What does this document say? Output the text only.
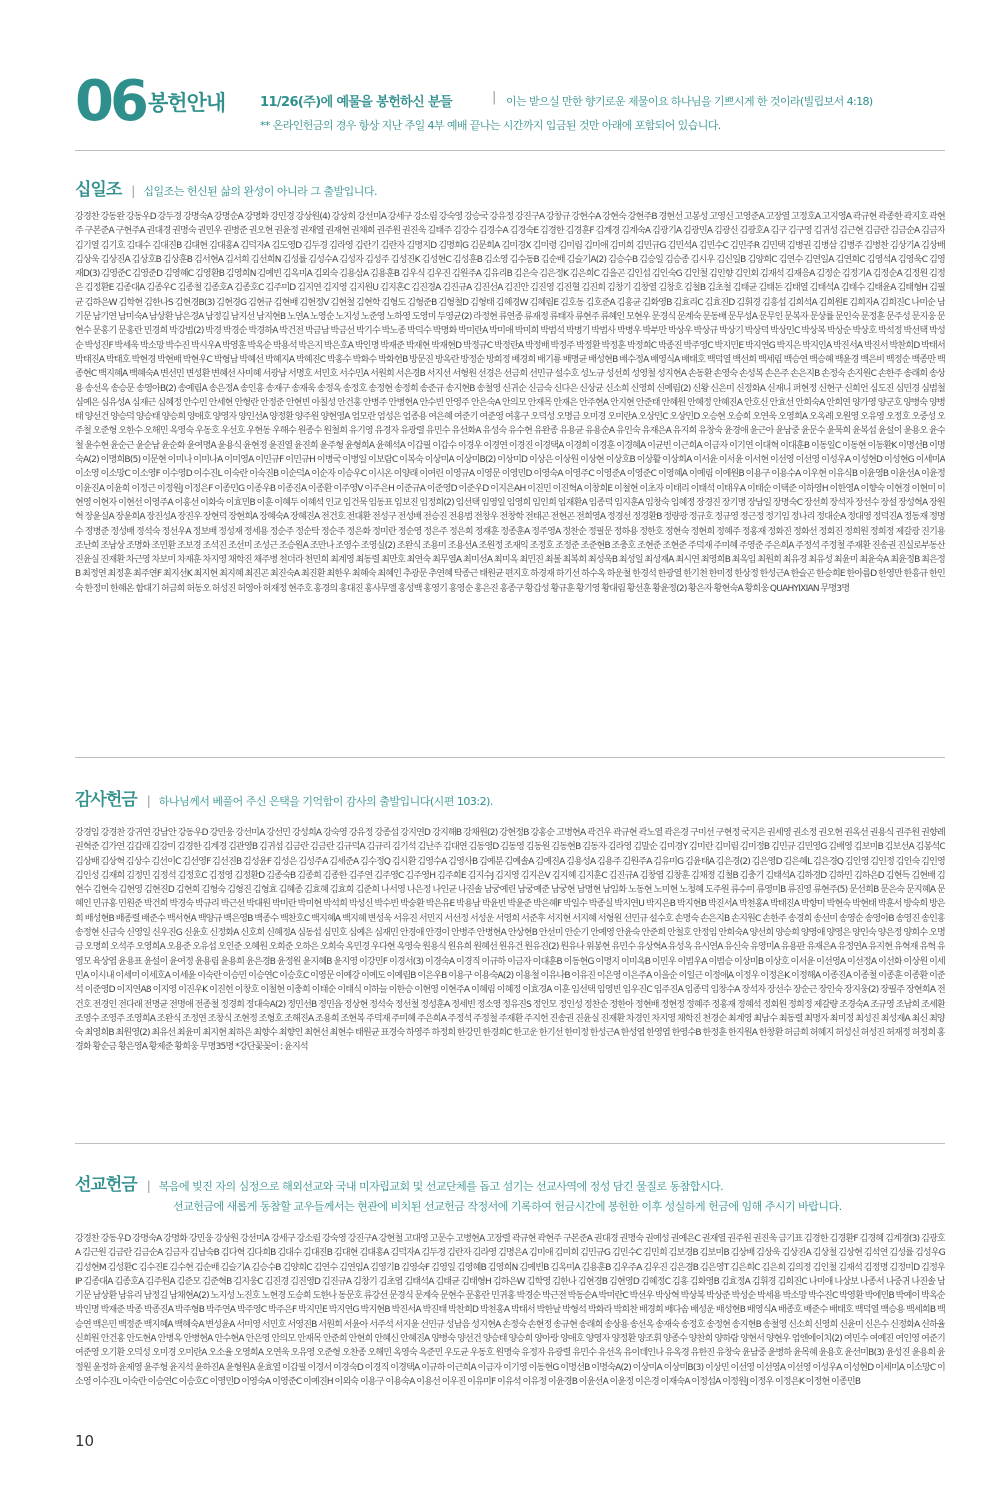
06 봉헌안내	11/26(주)에 예물을 봉헌하신 분들	| 이는 받으실 만한 향기로운 제물이요 하나님을 기쁘시게 한 것이라(빌립보서 4:18)
** 온라인헌금의 경우 항상 지난 주일 4부 예배 끝나는 시간까지 입금된 것만 아래에 포함되어 있습니다.
십일조 | 십일조는 헌신된 삶의 완성이 아니라 그 출발입니다.
강경찬 강동완 강동우D 강두경 강명숙A 강명순A 강명화 강민경 강상원(4) 강상희 강선미A 강세구 강소림 강숙영 강승국 강유정 강진구A 강창규 강현수A 강현숙 강현주B 경현선 고봉성 고영신 고영준A 고장열 고정호A 고지영A 곽규현 곽종한 곽지호 곽현주 구본준A 구현주A 권대경 권명숙 권민우 권병준 권오현 권윤정 권재열 권재현 권채희 권주원 권진욱 길태주 김강수 김경수A 김경숙E 김경한 김경훈F 김계경 김계숙A 김광기A 김광민A 김광신 김광호A 김구 김구영 김귀성 김근현 김금란 김금순A 김금자 김기열 김기호 김대수 김대진B 김대현 김대홍A 김덕자A 김도영D 김두경 김라영 김란기 김란자 김명지D 김명희G 김문희A 김미경X 김미령 김미림 김미애 김미희 김민규G 김민석A 김민수C 김민주R 김민택 김병권 김병삼 김병주 김병찬 김상기A 김상배 김상욱 김상진A 김상호B 김상훈B 김서현A 김서희 김선희N 김성률 김성수A 김성자 김성주 김성진K 김성현C 김성훈B 김소영 김수동B 김순배 김슬기A(2) 김승수B 김승일 김승종 김시우 김신일B 김양희C 김연수 김연일A 김연희C 김영석A 김영욱C 김영재D(3) 김영준C 김영준D 김영혜C 김영환B 김영희N 김예빈 김옥미A 김외숙 김용삼A 김용훈B 김우식 김우진 김원주A 김유리B 김은숙 김은정K 김은희C 김을곤 김인섭 김인숙G 김인철 김인향 김인회 김재석 김재응A 김정순 김정기A 김정순A 김정원 김정은 김정환E 김종대A 김종우C 김종철 김종호A 김종호C 김주미D 김지연 김지영 김지원U 김지혼C 김진경A 김진규A 김진선A 김진안 김진영 김진혈 김진희 김창기 김창열 김창호 김철B 김초철 김태균 김태돈 김태열 김태석A 김태수 김태윤A 김태형H 김필균 김하은W 김학현 김한나S 김현경B(3) 김현경G 김현규 김현배 김현정V 김현철 김현학 김형도 김형준B 김형철D 김형태 김혜경W 김혜림E 김호동 김호준A 김홍균 김화영B 김효리C 김효진D 김휘경 김흥섭 김희석A 김희원E 김희자A 김희진C 나미순 남기문 남기연 남미숙A 남상환 남은경A 남정길 남지선 남지현B 노연A 노영순 노지성 노준영 노하영 도영미 두영균(2) 라정현 류연종 류재정 류태자 류현주 류혜인 모현우 문경식 문계숙 문동배 문무성A 문무인 문복자 문상률 문인숙 문정훈 문주성 문지웅 문현수 문홍기 문홍란 민경희 박강범(2) 박경 박경순 박경하A 박건전 박금남 박금선 박기수 박노종 박덕수 박명화 박미란A 박미애 박미희 박범석 박병기 박범사 박병우 박부만 박상우 박상규 박상기 박상덕 박상민C 박상복 박상순 박상호 박석정 박선택 박성순 박성진F 박세욱 박소망 박수진 박시우A 박영훈 박옥순 박용석 박은지 박은호A 박인명 박재준 박재현 박재현D 박정규C 박정란A 박정배 박정주 박정환 박정훈 박정희C 박종진 박주영C 박지민E 박지연G 박지은 박지인A 박진서A 박진서 박찬희D 박태서 박태진A 박태호 박현경 박현배 박현우C 박형남 박혜선 박혜지A 박혜진C 박홍수 박화수 박화헌B 방문진 방옥란 방정순 방희정 배경희 배기룡 배명균 배성현B 배수정A 배영식A 배태호 백덕열 백선희 백세림 백승연 백승혜 백윤경 백은비 백정순 백종만 백종현C 백지혜A 백혜숙A 변선민 변성환 변혜선 사미혜 서광남 서명호 서민호 서수민A 서원희 서은경B 서지선 서형원 선경은 선금희 선민규 설수호 성노규 성선희 성영철 성지현A 손동환 손영숙 손성복 손은주 손은지B 손정숙 손지원C 손한주 송래희 송상용 송선옥 송승문 송영아B(2) 송예림A 송은정A 송인홍 송재구 송재욱 송정옥 송정호 송정현 송정희 송준규 송지현B 송철영 신귀순 신금숙 신다은 신상균 신소희 신영희 신예림(2) 신왕 신은미 신정화A 신재니 퍼현정 신현구 신희언 심도진 심민경 심범철 심예은 심유성A 심재근 심혜정 안수민 안세현 안형란 안정준 안현빈 아칠성 안건홍 안병주 안병현A 안수빈 안영주 안은숙A 안의모 안재목 안재은 안주현A 안지현 안준태 안혜원 안혜정 안혜진A 안호신 안효선 안희숙A 안희연 양가영 양군호 양병숙 양병태 양선건 양승덕 양승태 양승희 양애호 양영자 양인선A 양정환 양주원 양현영A 엄모란 엄성은 엄종용 여은혜 여준기 여준영 여홍구 오덕성 오명금 오미경 오미란A 오상민C 오상민D 오승현 오승희 오연욱 오영희A 오옥례 오원영 오유영 오정호 오중성 오주철 오준형 오한수 오해민 옥영숙 우동호 우선호 우현동 우해수 원종수 원철희 유기영 유경자 유광렬 유민수 유선화A 유성숙 유수현 유완종 유용균 유용순A 유인숙 유재은A 유지희 유창숙 윤경애 윤근아 윤남중 윤문수 윤묵희 윤복섭 윤설이 윤용오 윤수철 윤수현 윤순근 윤순남 윤순화 윤여명A 윤용식 윤현정 윤진열 윤진희 윤주형 윤형희A 윤혜석A 이갑필 이갑수 이경우 이경연 이경진 이경택A 이경희 이경훈 이경혜A 이균빈 이근희A 이금자 이기연 이대혁 이대훈B 이동일C 이동현 이동환K 이명선B 이명숙A(2) 이명희B(5) 이문현 이미나 이미나A 이미영A 이민규F 이민규H 이병국 이병일 이보람C 이복숙 이상미A 이상미B(2) 이상미D 이상은 이상원 이상현 이상호B 이상활 이상희A 이서윤 이서윤 이서현 이선영 이선영 이성우A 이성현D 이성현G 이세미A 이소영 이소망C 이소영F 이수영D 이수진L 이숙란 이숙진B 이순덕A 이순자 이승우C 이시온 이양래 이여린 이영규A 이영문 이영민D 이영숙A 이영주C 이영준A 이영준C 이영혜A 이예림 이예원B 이용구 이용수A 이우현 이유식B 이윤영B 이윤선A 이윤정 이윤진A 이윤희 이정근 이정원J 이정은F 이종민G 이종우B 이종진A 이종환 이주영V 이주은H 이준규A 이준영D 이준우D 이지은AH 이진민 이진혁A 이창희E 이철현 이초자 이태리 이태석 이태우A 이태순 이택준 이하영H 이한영A 이향숙 이현경 이현미 이현영 이현자 이현선 이영주A 이홍선 이화숙 이효민B 이훈 이혜두 이혜석 인교 임건묵 임동표 임보진 임정희(2) 임선택 임영일 임영희 임인희 임재환A 임종덕 임지훈A 임창숙 임혜정 장경진 장기명 장남일 장명숙C 장선희 장석자 장선수 장설 장성혁A 장원혁 장윤실A 장윤희A 장진성A 장진우 장현덕 장현희A 장혜숙A 장혜진A 전건호 전대환 전성구 전성배 전승진 전용범 전창우 전창학 전태곤 전현곤 전희영A 정경선 정경환B 정량광 정규호 정규영 정근정 정기임 정나리 정대순A 정대영 정덕진A 정동재 정명수 정병준 정성배 정석숙 정선우A 정보배 정성재 정세용 정순주 정순탁 정순주 정은화 정미란 정순영 정은주 정은희 정재훈 정종훈A 정주영A 정찬순 정필문 정하용 정한호 정현숙 정현희 정혜주 정홍재 정화진 정화선 정회진 정희원 정희정 제갈광 진기용 조난희 조남상 조명화 조민환 조보경 조석진 조선미 조성근 조승원A 조만나 조영수 조영실(2) 조완식 조용미 조용선A 조원정 조재익 조정호 조정준 조준현B 조충호 조현준 조현준 주덕재 주미혜 주영준 주은희A 주정석 주정철 주재환 진송권 진실로부동산 진윤실 진재환 차근영 차보미 차재훈 차지영 채학진 채주병 천더라 천민희 최계영 최동렬 최만호 최연숙 최무열A 최미선A 최미옥 최민진 최볼 최복희 최성욱B 최성일 최성재A 최시연 최영희B 최옥임 최원희 최유경 최유성 최윤미 최윤숙A 최윤정B 최은정B 최정연 최정훈 최주연F 최지선K 최지현 최지혜 최진곤 최진숙A 최진환 최한우 최혜숙 최혜인 추광문 추연혜 탁종근 태원균 편지호 하경재 하기선 하수옥 하운철 한경석 한광열 한기천 한미정 한상정 한성근A 한슬곤 한승희E 한아름D 한영만 한흥규 한인숙 한정미 한혜온 함대기 허금희 허동오 허성진 허영아 허재정 현주호 홍경의 홍대진 홍사무엘 홍성백 홍영기 홍영순 홍은진 홍종구 황갑성 황규훈 황기영 황대림 황선훈 황윤정(2) 황은자 황현숙A 황희웅 QUAHYIXIAN 무명3명
감사헌금 | 하나님께서 베풀어 주신 은택을 기억함이 감사의 출발입니다(시편 103:2).
강경임 강경찬 강귀연 강남안 강동우D 강민웅 강선미A 강선민 강성희A 강숙영 강유정 강종섭 강지연D 강지해B 강채원(2) 강현정B 강홍순 고병현A 곽건우 곽규현 곽노열 곽은경 구미선 구현정 국지은 권세영 권소정 권오현 권옥선 권용식 권주원 권향례 권혁준 김가연 김갑래 김강미 김경한 김계경 김관영B 김귀섬 김금란 김금란 김규덕A 김규리 김기석 김난주 김대연 김동영D 김동영 김동원 김동현B 김동자 김라영 김말순 김미경Y 김미란 김미림 김미정B 김민규 김민영G 김배영 김보미B 김보선A 김봉석C 김상배 김상혁 김상수 김선이C 김선영F 김선진B 김성윤F 김성은 김성주A 김세준A 김수정Q 김시환 김영수A 김영사B 김예분 김예솔A 김예진A 김용성A 김용주 김원주A 김유미G 김윤태A 김은경(2) 김은영D 김은혜L 김은경Q 김인영 김인정 김인숙 김인영 김인성 김재희 김정민 김정석 김정호C 김정영 김정환D 김종숙B 김종희 김종한 김주연 김주영C 김주영H 김주희E 김지수J 김지영 김지은V 김지혜 김지훈C 김진규A 김창엽 김창훈 김채정 김철B 김충기 김태석A 김하경D 김하민 김하은D 김현득 김현배 김현수 김현숙 김현영 김현진D 김현희 김형숙 김형진 김형효 김혜종 김효혜 김효희 김준희 나서영 나은정 나인균 나진솔 남궁예린 남궁예준 남궁현 남명현 남임화 노동현 노미현 노청혜 도주원 류수미 류영미B 류진영 류현주(5) 문선희B 문은숙 문지혜A 문혜인 민규홍 민원준 박건희 박경숙 박규리 박근선 박대원 박미란 박미현 박석희 박성신 박수빈 박숭환 박은유E 박용남 박윤빈 박윤준 박은혜F 박일수 박종실 박지연U 박지은B 박지현B 박진서A 박천홍A 박태진A 박향미 박현숙 박현태 박훈서 방숙희 방은희 배성현B 배종렬 배준수 백서현A 백양규 백은영B 백종수 백찬호C 백지혜A 백지혜 변성욱 서유진 서민지 서선정 서성운 서영희 서준후 서지현 서지혜 서형원 선민규 설수호 손명숙 손은지B 손지원C 손한주 송경희 송선미 송영순 송영아B 송영진 송인홍 송정현 신금숙 신영일 신우진G 신윤호 신정화A 신호희 신혜정A 심동섭 심민호 심예은 심재민 안경애 안경이 안병주 안병현A 안상현B 안선미 안순기 안예영 안윤숙 안준희 안철호 안정임 안희숙A 양선희 양승희 양영애 양영은 양인숙 양은정 양희수 오명금 오명희 오석주 오영희A 오용준 오유섭 오인준 오혜원 오희준 오하은 오희숙 옥민경 우다현 옥영숙 원용식 원유희 원혜선 원유건 원유진(2) 원유나 위봉현 유민수 유상혁A 유성옥 유시연A 유신숙 유영미A 유용판 유재은A 유정연A 유지현 유혁재 유혁 유영모 육상엽 윤용표 윤설이 윤여정 윤용림 윤용희 윤은경B 윤정원 윤지혜B 윤지영 이강민F 이경서(3) 이경숙A 이경직 이규하 이금자 이대훈B 이동현G 이명지 이미옥B 이민우 이범우A 이범승 이상미B 이상호 이서윤 이선영A 이선정A 이선화 이상원 이세민A 이시내 이세미 이세호A 이세윤 이숙란 이승민 이승연C 이승호C 이영문 이예강 이예도 이예림B 이은우B 이용구 이용숙A(2) 이용철 이유나B 이유진 이은영 이은주A 이을순 이일근 이정애A 이정우 이정은K 이정해A 이종진A 이종철 이종훈 이종환 이준석 이준영D 이지연A8 이지영 이진우K 이진헌 이창호 이철현 이충희 이태순 이태식 이하늘 이한승 이현영 이현주A 이혜림 이혜정 이효경A 이훈 임선택 임영빈 임우진C 임주진A 임종덕 임창수A 장석자 장선수 장순근 장인숙 장지웅(2) 장필주 장현희A 전건호 전경인 전다래 전명균 전명애 전종철 정경희 정대숙A(2) 정민선B 정민읍 정상현 정석숙 정선철 정성훈A 정세빈 정소영 정유진S 정인모 정인성 정찬순 정한아 정현배 정현정 정혜주 정홍재 정혜석 정회원 정희정 제갈량 조경숙A 조규영 조남희 조세환 조영수 조영주 조영희A 조완식 조정연 조창식 조현정 조형호 조해진A 조용희 조현복 주덕재 주미혜 주은희A 주정석 주정철 주재환 주지헌 진송권 진윤실 진재환 차경인 차지영 채학진 천경순 최계영 최남수 최동렬 최명자 최미정 최성진 최성재A 최신 최양숙 최영희B 최원영(2) 최유선 최윤미 최지현 최하은 최향수 최향인 최현선 최현수 태원균 표경숙 하영주 하정희 한강민 한경희C 한고운 한기선 한미정 한성근A 한성엽 한영엽 한영수B 한정훈 한지원A 한창환 허금희 허혜지 허성신 허성진 허재정 허정희 홍경화 황순금 황은영A 황제준 황희웅 무명35명 *강단꽃꽂이 : 윤지석
선교헌금 | 복음에 빚진 자의 심정으로 해외선교와 국내 미자립교회 및 선교단체를 돕고 섬기는 선교사역에 정성 담긴 물질로 동참합시다.
선교헌금에 새롭게 동참할 교우들께서는 현관에 비치된 선교헌금 작정서에 기록하여 헌금시간에 봉헌한 이후 성실하게 헌금에 임해 주시기 바랍니다.
강경찬 강동우D 강명숙A 강명화 강민웅 강상원 강선미A 강세구 강소림 강숙영 강진구A 강현철 고대영 고문수 고병현A 고장렬 곽규현 곽현주 구본준A 권대경 권명숙 권예성 권예은C 권재열 권주원 권진욱 금기표 김경한 김경환F 김경혜 김계경(3) 김광호A 김근원 김금란 김금순A 김금자 김남숙B 김다혁 김다희B 김대수 김대진B 김대현 김대홍A 김덕자A 김두경 김란자 김라영 김명은A 김미애 김미희 김민규G 김민수C 김민희 김보경B 김보미B 김상배 김상욱 김상진A 김상철 김상현 김석연 김성률 김성우G 김성현M 김성환C 김수진E 김수현 김순배 김슬기A 김승수B 김양희C 김연수 김연임A 김영기B 김영숙F 김영일 김영혜B 김영희N 김예빈B 김옥미A 김용훈B 김우주A 김우진 김은경B 김은영T 김은희C 김은희 김의정 김인철 김재석 김정명 김정미D 김정우IP 김종대A 김종호A 김주원A 김준모 김준혁B 김지웅C 김진경 김진영D 김진규A 김창기 김초엽 김태석A 김태균 김태형H 김하은W 김학영 김한나 김현경B 김현영D 김혜정C 김홍 김화영B 김효정A 김휘경 김희진C 나미애 나상보 나종서 나중귀 나진솔 남기문 남상환 남유리 남정길 남채현A(2) 노지성 노진호 노현경 도승희 도한나 동문호 류강선 문경식 문계숙 문현수 문홍란 민귀홍 박경순 박근전 박동순A 박미란C 박선우 박상혁 박상복 박상준 박성순 박세용 박소망 박수진C 박영환 박에민B 박예이 박옥순 박인명 박재준 박종 박종진A 박주형B 박주연A 박주영C 박주은F 박지민E 박지연G 박지현B 박진서A 박진태 박찬희D 박천홍A 박태서 박한날 박형석 박화라 박희찬 배경희 배다솜 배성운 배성현B 배영식A 배종호 배준수 배태호 백덕열 백승용 백세희B 백승연 백은민 백정준 백지혜A 백혜숙A 변성윤A 서미영 서민호 서영진B 서원희 서윤아 서주석 서지윤 선민규 성남음 성지현A 손정숙 손현정 송규현 송래희 송상용 송선옥 송재숙 송정호 송정현 송지현B 송철영 신소희 신영희 신윤미 신은수 신정화A 신하율 신희원 안건홍 안도현A 안병옥 안병현A 안수현A 안은영 안의모 안재목 안준희 안현희 안혜신 안혜진A 양병숙 양선건 양승태 양승희 양아랑 양애호 양영자 양정환 양조휘 양종수 양찬희 양하람 양현서 양현우 엄엔에이치(2) 여민수 여예진 여인영 여준기 여준영 오기환 오덕성 오미경 오미란A 오소율 오영희A 오연욱 오유영 오준형 오찬종 오해민 옥영숙 옥준민 우도균 우동호 원명숙 유정자 유광렬 유민수 유선옥 유이데인나 유옥경 유한진 유창숙 윤남중 윤병하 윤목혜 윤용호 윤선미B(3) 윤성진 윤용희 윤정원 윤정하 윤제영 윤주형 윤지석 윤하진A 윤형원A 윤효열 이갑필 이경서 이경숙D 이경직 이경택A 이규하 이근희A 이금자 이기영 이동현G 이명선B 이명숙A(2) 이상미A 이상미B(3) 이상민 이선영 이선영A 이선영 이성우A 이성현D 이세미A 이소망C 이소영 이수진L 이숙란 이승연C 이승호C 이영민D 이영숙A 이영준C 이예진H 이외숙 이용구 이용숙A 이용선 이우진 이유미F 이유석 이유정 이윤경B 이윤선A 이윤정 이은경 이재숙A 이정섭A 이정원J 이정우 이정은K 이정현 이종민B
10
